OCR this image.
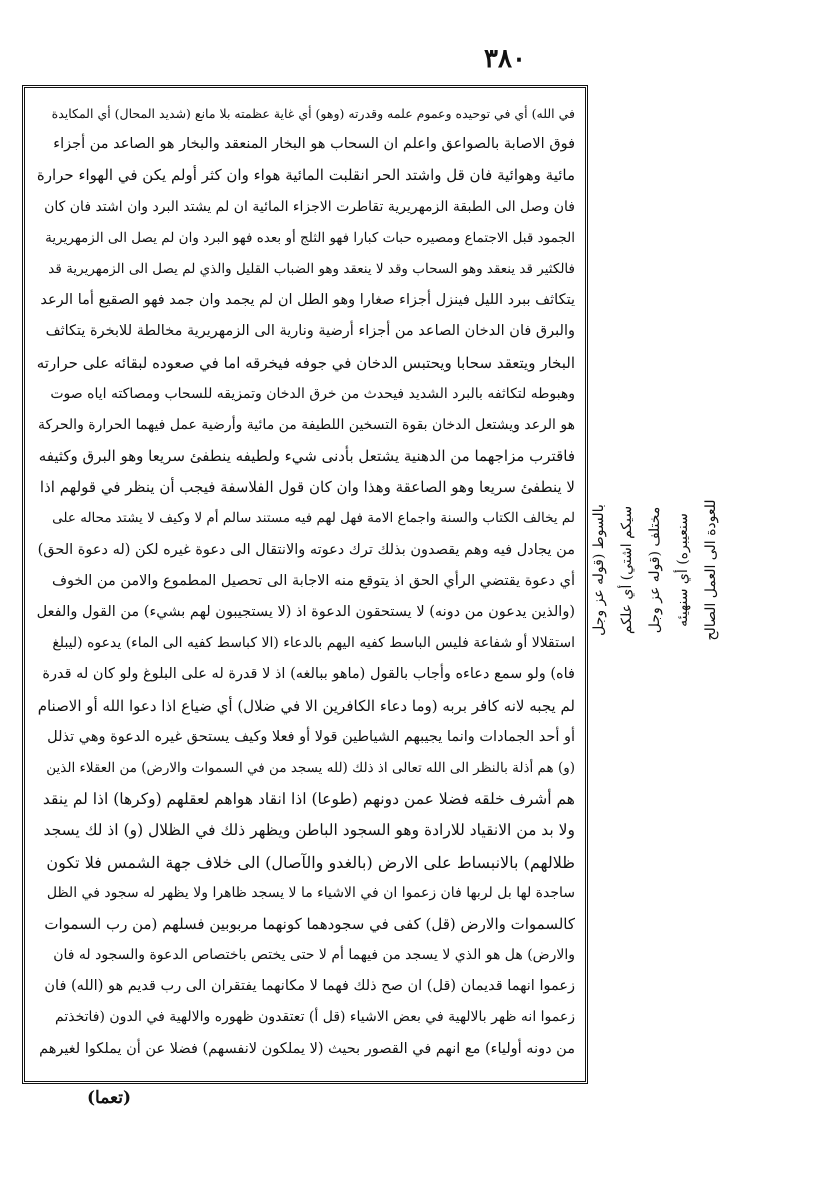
٣٨٠
في الله) أي في توحيده وعموم علمه وقدرته (وهو) أي غاية عظمته بلا مانع (شديد المحال) أي المكايدة
فوق الاصابة بالصواعق واعلم ان السحاب هو البخار المنعقد والبخار هو الصاعد من أجزاء
مائية وهوائية فان قل واشتد الحر انقلبت المائية هواء وان كثر أولم يكن في الهواء حرارة
فان وصل الى الطبقة الزمهريرية تقاطرت الاجزاء المائية ان لم يشتد البرد وان اشتد فان كان
الجمود قبل الاجتماع ومصيره حبات كبارا فهو الثلج أو بعده فهو البرد وان لم يصل الى الزمهريرية
فالكثير قد ينعقد وهو السحاب وقد لا ينعقد وهو الضباب القليل والذي لم يصل الى الزمهريرية قد
يتكاثف ببرد الليل فينزل أجزاء صغارا وهو الطل ان لم يجمد وان جمد فهو الصقيع أما الرعد
والبرق فان الدخان الصاعد من أجزاء أرضية ونارية الى الزمهريرية مخالطة للابخرة يتكاثف
البخار ويتعقد سحابا ويحتبس الدخان في جوفه فيخرقه اما في صعوده لبقائه على حرارته
وهبوطه لتكاثفه بالبرد الشديد فيحدث من خرق الدخان وتمزيقه للسحاب ومصاكته اياه صوت
هو الرعد ويشتعل الدخان بقوة التسخين اللطيفة من مائية وأرضية عمل فيهما الحرارة والحركة
فاقترب مزاجهما من الدهنية يشتعل بأدنى شيء ولطيفه ينطفئ سريعا وهو البرق وكثيفه
لا ينطفئ سريعا وهو الصاعقة وهذا وان كان قول الفلاسفة فيجب أن ينظر في قولهم اذا
لم يخالف الكتاب والسنة واجماع الامة فهل لهم فيه مستند سالم أم لا وكيف لا يشتد محاله على
من يجادل فيه وهم يقصدون بذلك ترك دعوته والانتقال الى دعوة غيره لكن (له دعوة الحق)
أي دعوة يقتضي الرأي الحق اذ يتوقع منه الاجابة الى تحصيل المطموع والامن من الخوف
(والذين يدعون من دونه) لا يستحقون الدعوة اذ (لا يستجيبون لهم بشيء) من القول والفعل
استقلالا أو شفاعة فليس الباسط كفيه اليهم بالدعاء (الا كباسط كفيه الى الماء) يدعوه (ليبلغ
فاه) ولو سمع دعاءه وأجاب بالقول (ماهو ببالغه) اذ لا قدرة له على البلوغ ولو كان له قدرة
لم يجبه لانه كافر بربه (وما دعاء الكافرين الا في ضلال) أي ضياع اذا دعوا الله أو الاصنام
أو أحد الجمادات وانما يجيبهم الشياطين قولا أو فعلا وكيف يستحق غيره الدعوة وهي تذلل
(و) هم أذلة بالنظر الى الله تعالى اذ ذلك (لله يسجد من في السموات والارض) من العقلاء الذين
هم أشرف خلقه فضلا عمن دونهم (طوعا) اذا انقاد هواهم لعقلهم (وكرها) اذا لم ينقد
ولا بد من الانقياد للارادة وهو السجود الباطن ويظهر ذلك في الظلال (و) اذ لك يسجد
ظلالهم) بالانبساط على الارض (بالغدو والآصال) الى خلاف جهة الشمس فلا تكون
ساجدة لها بل لربها فان زعموا ان في الاشياء ما لا يسجد ظاهرا ولا يظهر له سجود في الظل
كالسموات والارض (قل) كفى في سجودهما كونهما مربوبين فسلهم (من رب السموات
والارض) هل هو الذي لا يسجد من فيهما أم لا حتى يختص باختصاص الدعوة والسجود له فان
زعموا انهما قديمان (قل) ان صح ذلك فهما لا مكانهما يفتقران الى رب قديم هو (الله) فان
زعموا انه ظهر بالالهية في بعض الاشياء (قل أ) تعتقدون ظهوره والالهية في الدون (فاتخذتم
من دونه أولياء) مع انهم في القصور بحيث (لا يملكون لانفسهم) فضلا عن أن يملكوا لغيرهم
بالسوط (قوله عز وجل سيكم اشتي) أي علكم مختلف (قوله عز وجل سنعيبره) أي سنهيئه للعودة الى العمل الصالح
(تعما)
